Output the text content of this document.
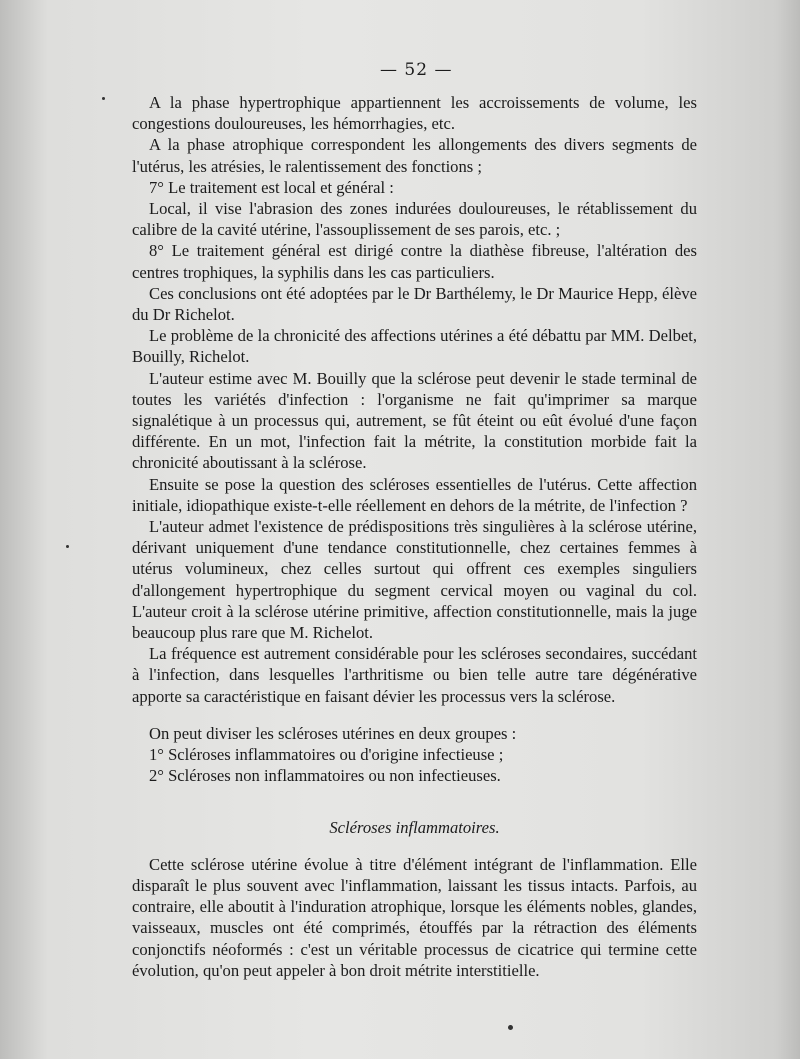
— 52 —

A la phase hypertrophique appartiennent les accroissements de volume, les congestions douloureuses, les hémorrhagies, etc.

A la phase atrophique correspondent les allongements des divers segments de l'utérus, les atrésies, le ralentissement des fonctions ;

7° Le traitement est local et général :

Local, il vise l'abrasion des zones indurées douloureuses, le rétablissement du calibre de la cavité utérine, l'assouplissement de ses parois, etc. ;

8° Le traitement général est dirigé contre la diathèse fibreuse, l'altération des centres trophiques, la syphilis dans les cas particuliers.

Ces conclusions ont été adoptées par le Dr Barthélemy, le Dr Maurice Hepp, élève du Dr Richelot.

Le problème de la chronicité des affections utérines a été débattu par MM. Delbet, Bouilly, Richelot.

L'auteur estime avec M. Bouilly que la sclérose peut devenir le stade terminal de toutes les variétés d'infection : l'organisme ne fait qu'imprimer sa marque signalétique à un processus qui, autrement, se fût éteint ou eût évolué d'une façon différente. En un mot, l'infection fait la métrite, la constitution morbide fait la chronicité aboutissant à la sclérose.

Ensuite se pose la question des scléroses essentielles de l'utérus. Cette affection initiale, idiopathique existe-t-elle réellement en dehors de la métrite, de l'infection ?

L'auteur admet l'existence de prédispositions très singulières à la sclérose utérine, dérivant uniquement d'une tendance constitutionnelle, chez certaines femmes à utérus volumineux, chez celles surtout qui offrent ces exemples singuliers d'allongement hypertrophique du segment cervical moyen ou vaginal du col. L'auteur croit à la sclérose utérine primitive, affection constitutionnelle, mais la juge beaucoup plus rare que M. Richelot.

La fréquence est autrement considérable pour les scléroses secondaires, succédant à l'infection, dans lesquelles l'arthritisme ou bien telle autre tare dégénérative apporte sa caractéristique en faisant dévier les processus vers la sclérose.

On peut diviser les scléroses utérines en deux groupes :

1° Scléroses inflammatoires ou d'origine infectieuse ;

2° Scléroses non inflammatoires ou non infectieuses.

Scléroses inflammatoires.

Cette sclérose utérine évolue à titre d'élément intégrant de l'inflammation. Elle disparaît le plus souvent avec l'inflammation, laissant les tissus intacts. Parfois, au contraire, elle aboutit à l'induration atrophique, lorsque les éléments nobles, glandes, vaisseaux, muscles ont été comprimés, étouffés par la rétraction des éléments conjonctifs néoformés : c'est un véritable processus de cicatrice qui termine cette évolution, qu'on peut appeler à bon droit métrite interstitielle.
